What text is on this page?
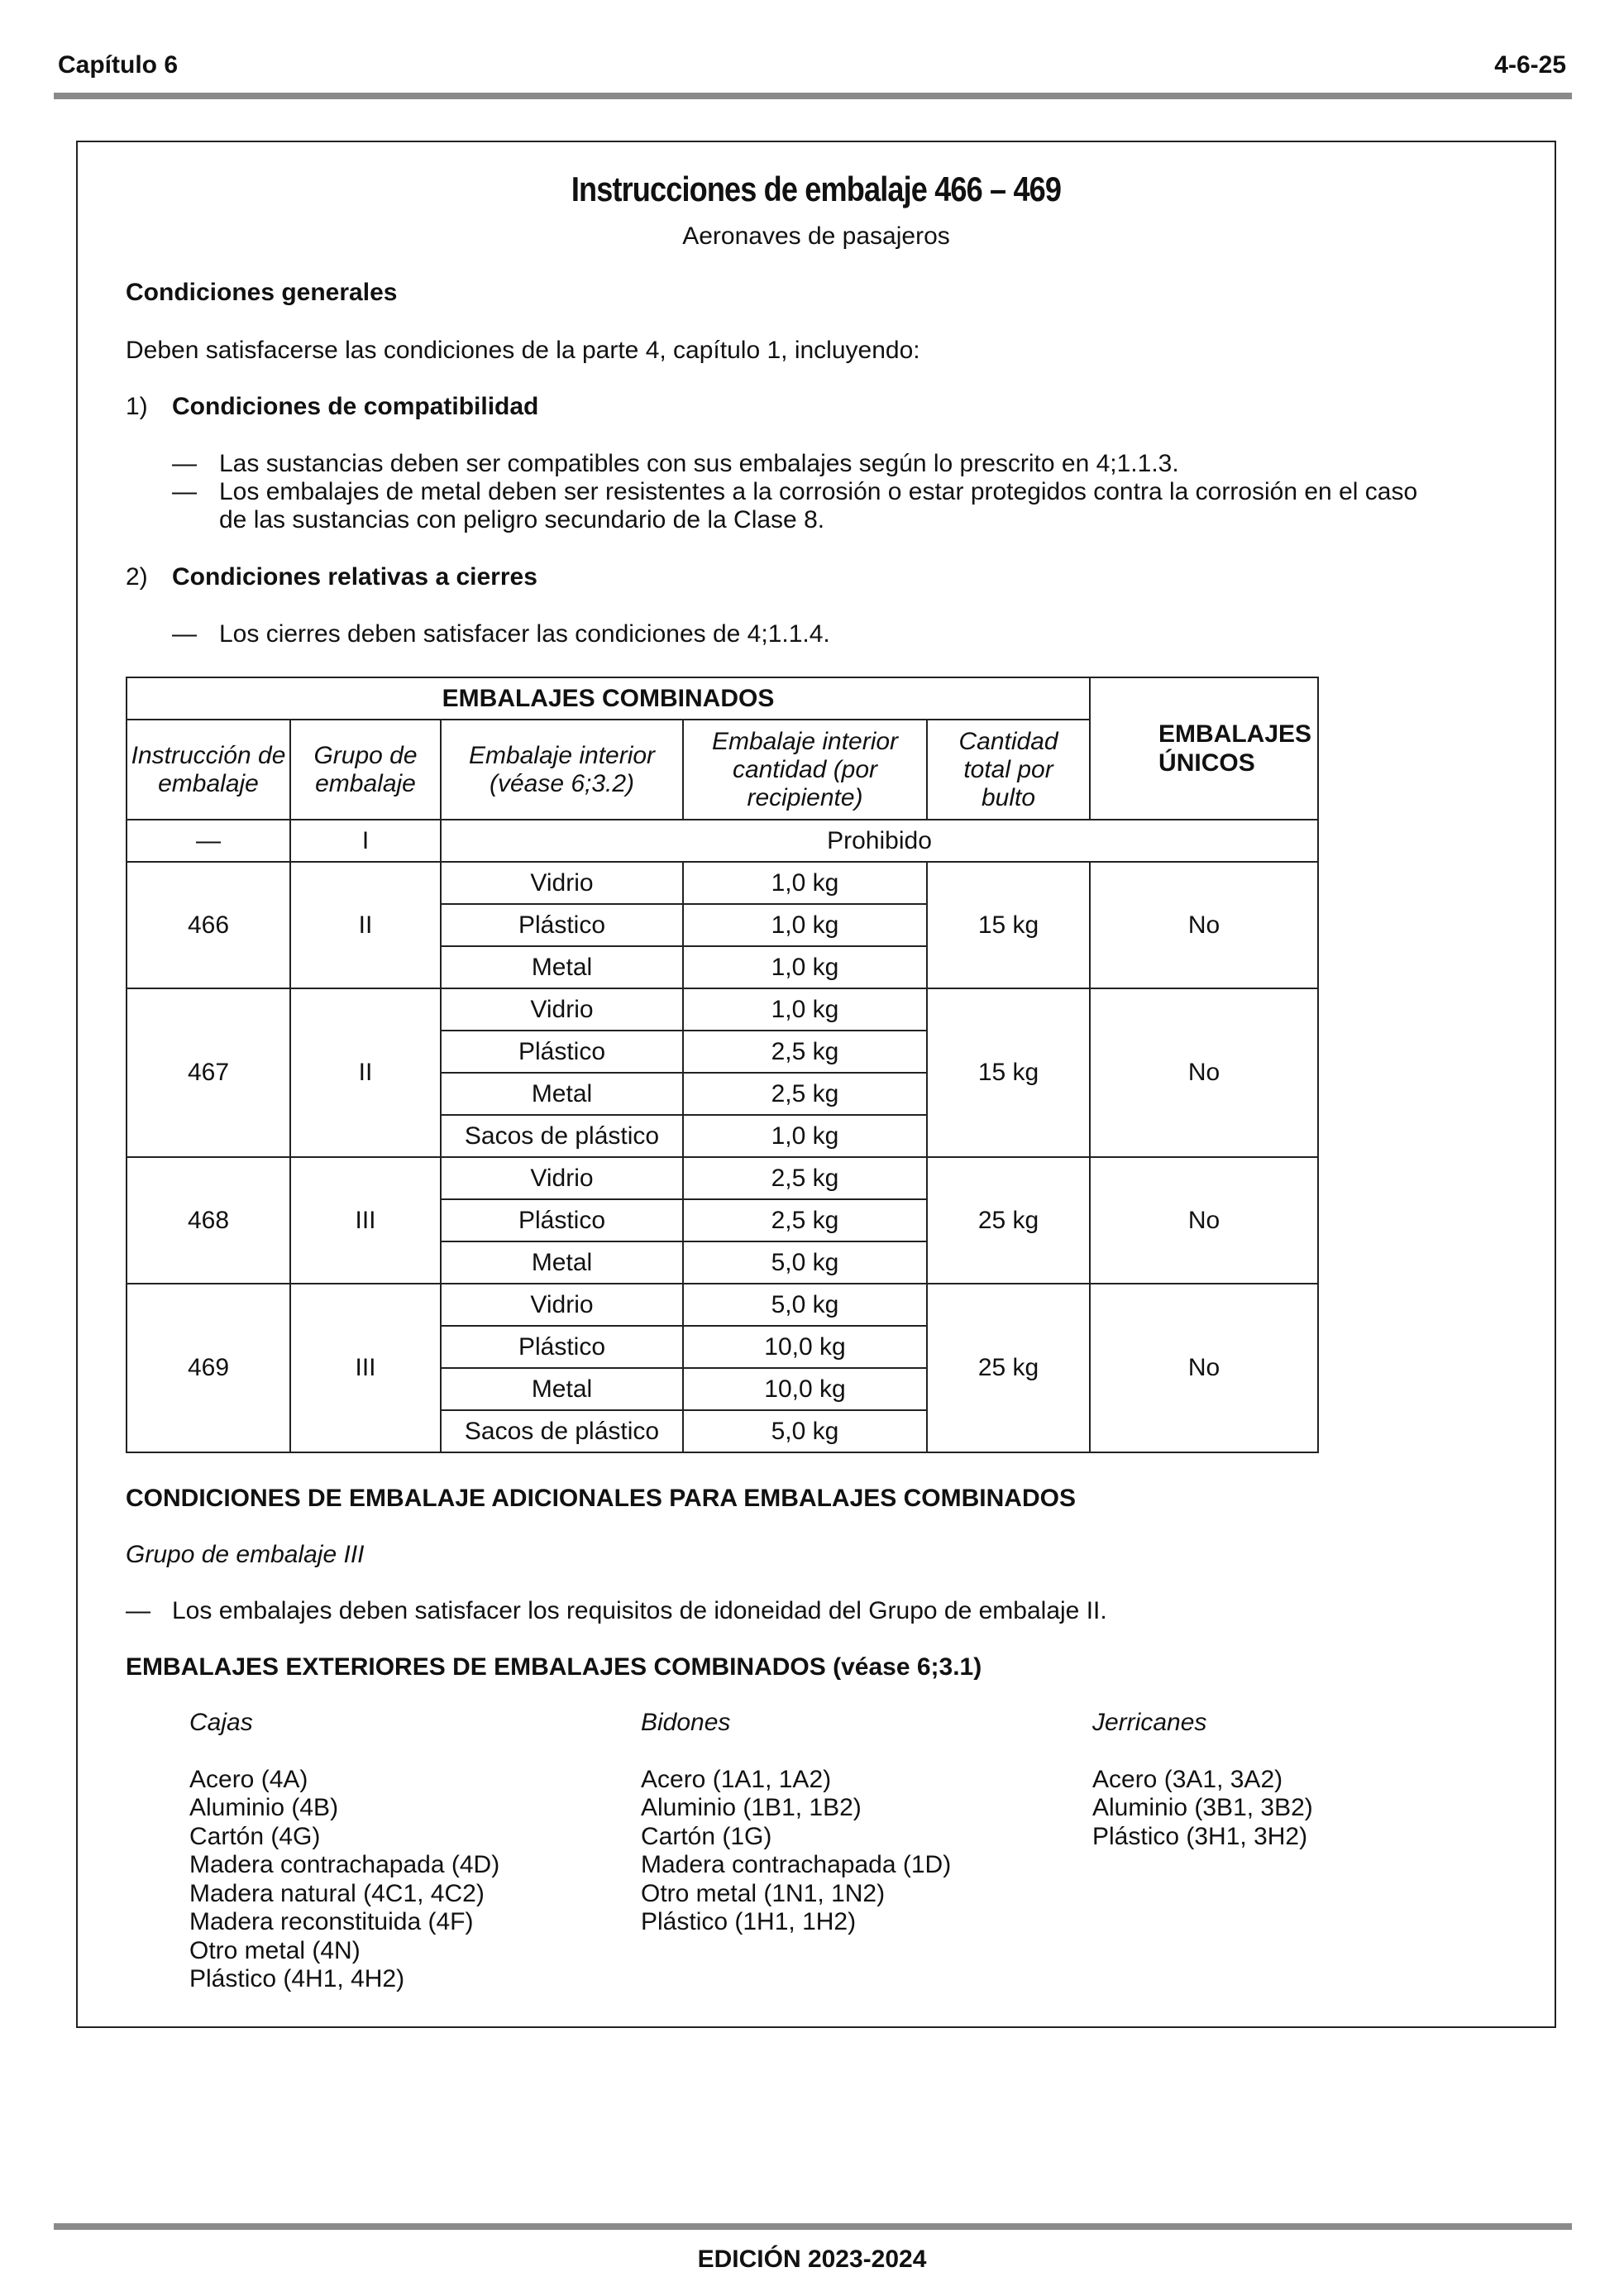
Capítulo 6	4-6-25
Instrucciones de embalaje 466 – 469
Aeronaves de pasajeros
Condiciones generales
Deben satisfacerse las condiciones de la parte 4, capítulo 1, incluyendo:
1) Condiciones de compatibilidad
— Las sustancias deben ser compatibles con sus embalajes según lo prescrito en 4;1.1.3.
— Los embalajes de metal deben ser resistentes a la corrosión o estar protegidos contra la corrosión en el caso
de las sustancias con peligro secundario de la Clase 8.
2) Condiciones relativas a cierres
— Los cierres deben satisfacer las condiciones de 4;1.1.4.
EMBALAJES COMBINADOS					EMBALAJES ÚNICOS

Instrucción de embalaje	Grupo de embalaje	Embalaje interior (véase 6;3.2)	Embalaje interior cantidad (por recipiente)	Cantidad total por bulto	
—	I	Prohibido			
466	II	Vidrio	1,0 kg	15 kg	No
		Plástico	1,0 kg		
		Metal	1,0 kg		
467	II	Vidrio	1,0 kg	15 kg	No
		Plástico	2,5 kg		
		Metal	2,5 kg		
		Sacos de plástico	1,0 kg		
468	III	Vidrio	2,5 kg	25 kg	No
		Plástico	2,5 kg		
		Metal	5,0 kg		
469	III	Vidrio	5,0 kg	25 kg	No
		Plástico	10,0 kg		
		Metal	10,0 kg		
		Sacos de plástico	5,0 kg		
CONDICIONES DE EMBALAJE ADICIONALES PARA EMBALAJES COMBINADOS
Grupo de embalaje III
— Los embalajes deben satisfacer los requisitos de idoneidad del Grupo de embalaje II.
EMBALAJES EXTERIORES DE EMBALAJES COMBINADOS (véase 6;3.1)
Cajas
Acero (4A)
Aluminio (4B)
Cartón (4G)
Madera contrachapada (4D)
Madera natural (4C1, 4C2)
Madera reconstituida (4F)
Otro metal (4N)
Plástico (4H1, 4H2)
Bidones
Acero (1A1, 1A2)
Aluminio (1B1, 1B2)
Cartón (1G)
Madera contrachapada (1D)
Otro metal (1N1, 1N2)
Plástico (1H1, 1H2)
Jerricanes
Acero (3A1, 3A2)
Aluminio (3B1, 3B2)
Plástico (3H1, 3H2)
EDICIÓN 2023-2024
